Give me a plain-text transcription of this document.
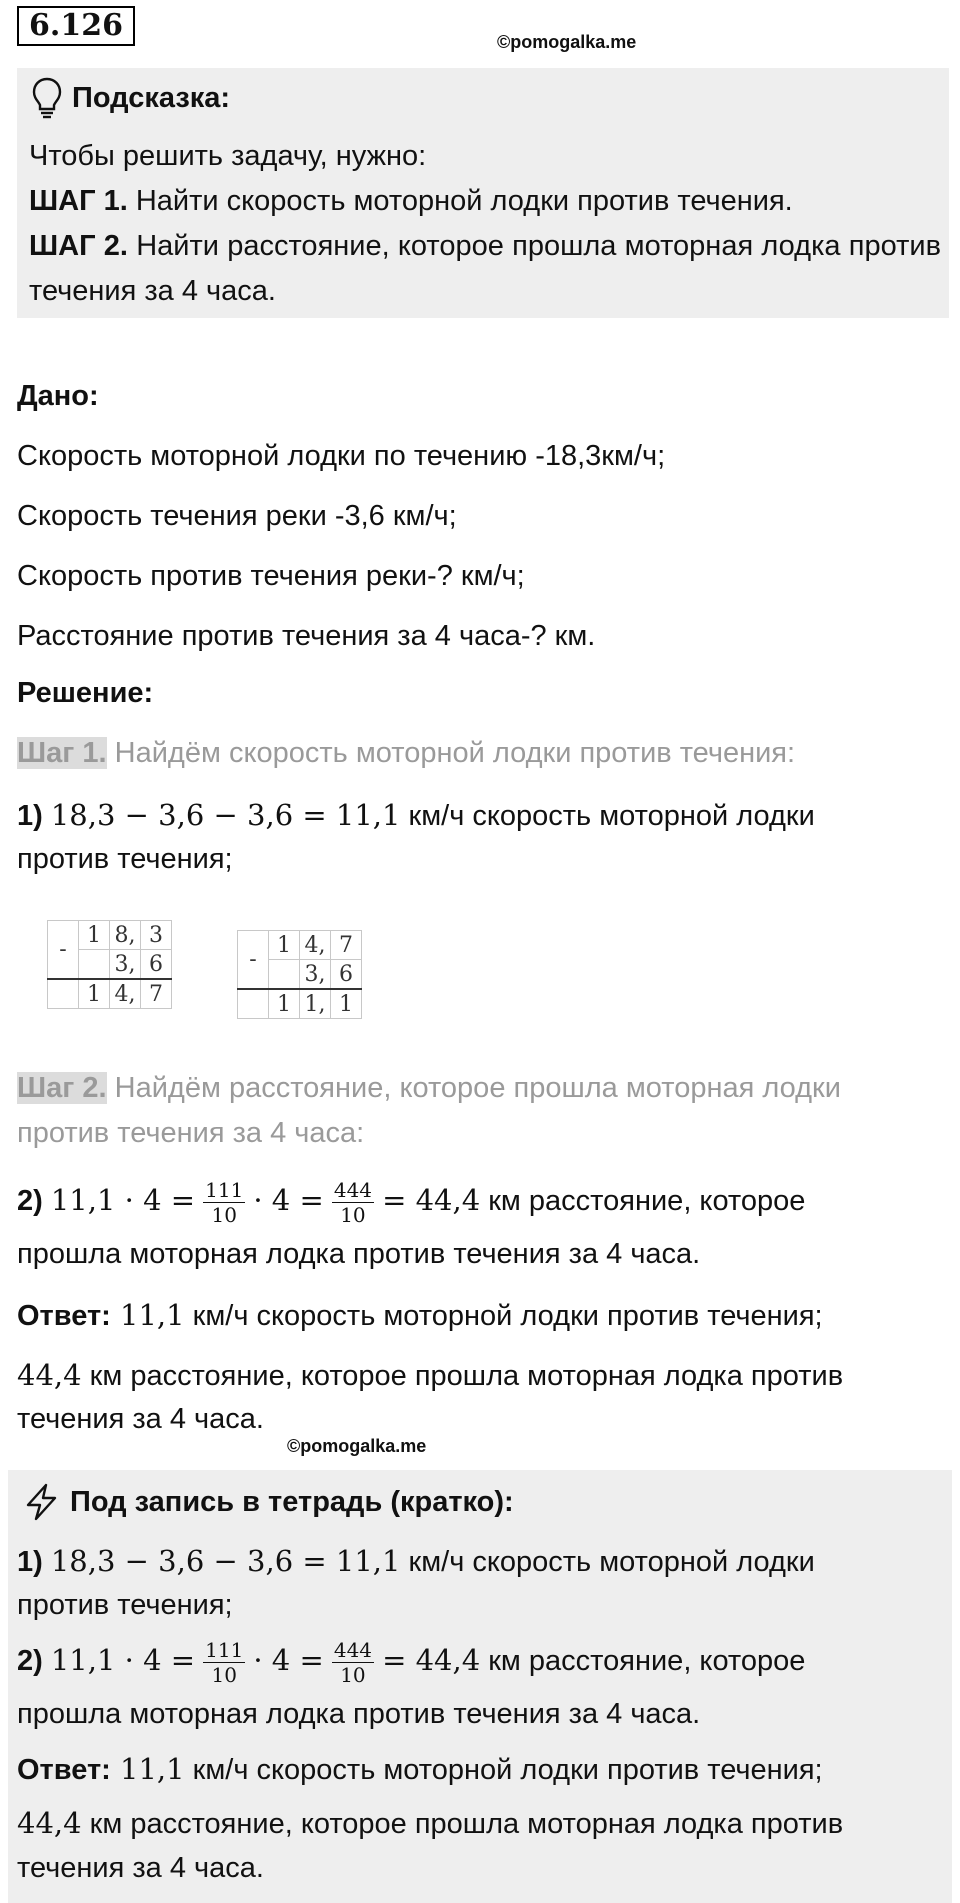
6.126	©pomogalka.me
Подсказка:

Чтобы решить задачу, нужно:

ШАГ 1. Найти скорость моторной лодки против течения.

ШАГ 2. Найти расстояние, которое прошла моторная лодка против течения за 4 часа.

Дано:
Скорость моторной лодки по течению -18,3км/ч;
Скорость течения реки -3,6 км/ч;
Скорость против течения реки-? км/ч;
Расстояние против течения за 4 часа-? км.
Решение:
Шаг 1. Найдём скорость моторной лодки против течения:
1) 18,3 − 3,6 − 3,6 = 11,1 км/ч скорость моторной лодки
против течения;
-	1	8,	3
		3,	6
	1	4,	7
-	1	4,	7
		3,	6
	1	1,	1
Шаг 2. Найдём расстояние, которое прошла моторная лодки
против течения за 4 часа:
2) $11,1 \cdot 4 = \frac{111}{10} \cdot 4 = \frac{444}{10} = 44,4$ км расстояние, которое
прошла моторная лодка против течения за 4 часа.
Ответ: 11,1 км/ч скорость моторной лодки против течения;
44,4 км расстояние, которое прошла моторная лодка против
течения за 4 часа.
©pomogalka.me
Под запись в тетрадь (кратко):
1) 18,3 − 3,6 − 3,6 = 11,1 км/ч скорость моторной лодки
против течения;
2) $11,1 \cdot 4 = \frac{111}{10} \cdot 4 = \frac{444}{10} = 44,4$ км расстояние, которое
прошла моторная лодка против течения за 4 часа.
Ответ: 11,1 км/ч скорость моторной лодки против течения;
44,4 км расстояние, которое прошла моторная лодка против
течения за 4 часа.
